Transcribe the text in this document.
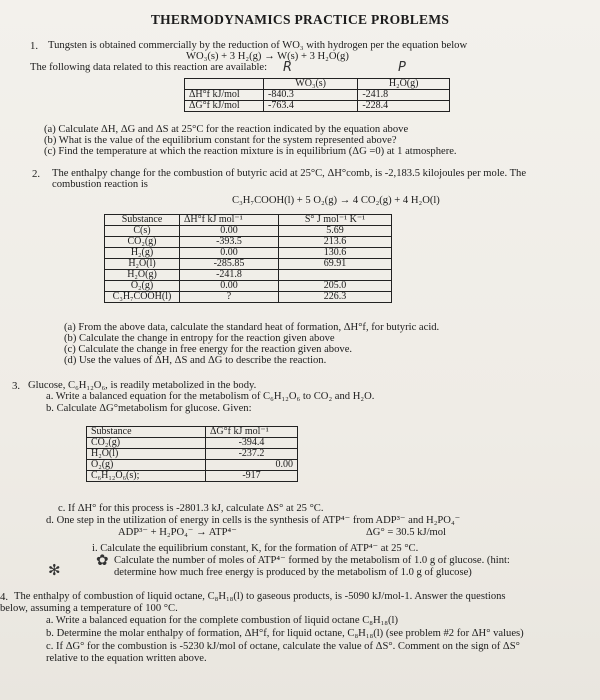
THERMODYNAMICS PRACTICE PROBLEMS
1. Tungsten is obtained commercially by the reduction of WO₃ with hydrogen per the equation below
WO₃(s) + 3 H₂(g) → W(s) + 3 H₂O(g)
The following data related to this reaction are available: R	P
	WO₃(s)	H₂O(g)
ΔH°f kJ/mol	-840.3	-241.8
ΔG°f kJ/mol	-763.4	-228.4
(a) Calculate ΔH, ΔG and ΔS at 25°C for the reaction indicated by the equation above
(b) What is the value of the equilibrium constant for the system represented above?
(c) Find the temperature at which the reaction mixture is in equilibrium (ΔG =0) at 1 atmosphere.
2. The enthalpy change for the combustion of butyric acid at 25°C, ΔH°comb, is -2,183.5 kilojoules per mole. The
combustion reaction is
C₃H₇COOH(l) + 5 O₂(g) → 4 CO₂(g) + 4 H₂O(l)
Substance	ΔH°f kJ mol⁻¹	S° J mol⁻¹ K⁻¹
C(s)	0.00	5.69
CO₂(g)	-393.5	213.6
H₂(g)	0.00	130.6
H₂O(l)	-285.85	69.91
H₂O(g)	-241.8	
O₂(g)	0.00	205.0
C₃H₇COOH(l)	?	226.3
(a) From the above data, calculate the standard heat of formation, ΔH°f, for butyric acid.
(b) Calculate the change in entropy for the reaction given above
(c) Calculate the change in free energy for the reaction given above.
(d) Use the values of ΔH, ΔS and ΔG to describe the reaction.
3. Glucose, C₆H₁₂O₆, is readily metabolized in the body.
a. Write a balanced equation for the metabolism of C₆H₁₂O₆ to CO₂ and H₂O.
b. Calculate ΔG°metabolism for glucose. Given:
Substance	ΔG°f kJ mol⁻¹
CO₂(g)	-394.4
H₂O(l)	-237.2
O₂(g)	0.00
C₆H₁₂O₆(s);	-917
c. If ΔH° for this process is -2801.3 kJ, calculate ΔS° at 25 °C.
d. One step in the utilization of energy in cells is the synthesis of ATP⁴⁻ from ADP³⁻ and H₂PO₄⁻
ADP³⁻ + H₂PO₄⁻ → ATP⁴⁻	ΔG° = 30.5 kJ/mol
i. Calculate the equilibrium constant, K, for the formation of ATP⁴⁻ at 25 °C.
✿ Calculate the number of moles of ATP⁴⁻ formed by the metabolism of 1.0 g of glucose. (hint:
✻	determine how much free energy is produced by the metabolism of 1.0 g of glucose)
4. The enthalpy of combustion of liquid octane, C₈H₁₈(l) to gaseous products, is -5090 kJ/mol-1. Answer the questions
below, assuming a temperature of 100 °C.
a. Write a balanced equation for the complete combustion of liquid octane C₈H₁₈(l)
b. Determine the molar enthalpy of formation, ΔH°f, for liquid octane, C₈H₁₈(l) (see problem #2 for ΔH° values)
c. If ΔG° for the combustion is -5230 kJ/mol of octane, calculate the value of ΔS°. Comment on the sign of ΔS°
relative to the equation written above.
